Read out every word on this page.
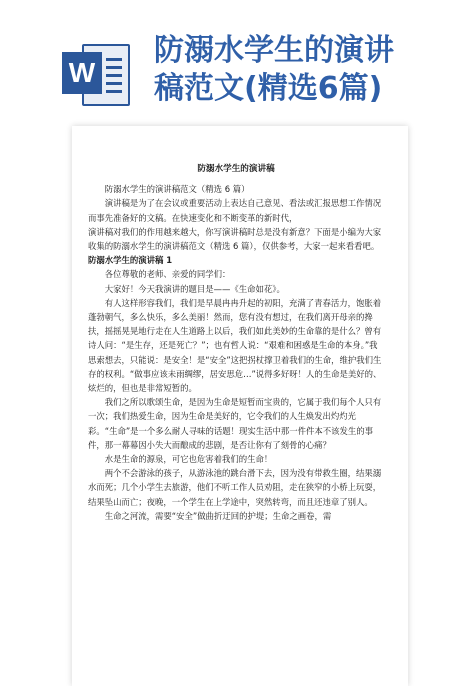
W
防溺水学生的演讲
稿范文(精选6篇)
防溺水学生的演讲稿

防溺水学生的演讲稿范文（精选 6 篇）

演讲稿是为了在会议或重要活动上表达自己意见、看法或汇报思想工作情况而事先准备好的文稿。在快速变化和不断变革的新时代，

演讲稿对我们的作用越来越大，你写演讲稿时总是没有新意？下面是小编为大家收集的防溺水学生的演讲稿范文（精选 6 篇），仅供参考，大家一起来看看吧。

防溺水学生的演讲稿 1

各位尊敬的老师、亲爱的同学们：

大家好！今天我演讲的题目是——《生命如花》。

有人这样形容我们，我们是早晨冉冉升起的初阳，充满了青春活力，饱胀着蓬勃朝气，多么快乐，多么美丽！然而，您有没有想过，在我们离开母亲的搀扶，摇摇晃晃地行走在人生道路上以后，我们如此美妙的生命靠的是什么？曾有诗人问：“是生存，还是死亡？”；也有哲人说：“艰难和困惑是生命的本身。”我思索想去，只能说：是安全！是“安全”这把拐杖撑卫着我们的生命，维护我们生存的权利。“做事应该未雨绸缪，居安思危…”说得多好呀！人的生命是美好的、炫烂的，但也是非常短暂的。

我们之所以歌颂生命，是因为生命是短暂而宝贵的，它属于我们每个人只有一次；我们热爱生命，因为生命是美好的，它令我们的人生焕发出灼灼光彩。“生命”是一个多么耐人寻味的话题！现实生活中那一件件本不该发生的事件，那一幕幕因小失大而酿成的悲剧，是否让你有了刻骨的心痛？

水是生命的源泉，可它也危害着我们的生命！

两个不会游泳的孩子，从游泳池的跳台滑下去，因为没有带救生圈，结果溺水而死；几个小学生去旅游，他们不听工作人员劝阻，走在狭窄的小桥上玩耍，结果坠山而亡；夜晚，一个学生在上学途中，突然转弯，而且还违章了别人。

生命之河流，需要“安全”做曲折迂回的护堤；生命之画卷，需
